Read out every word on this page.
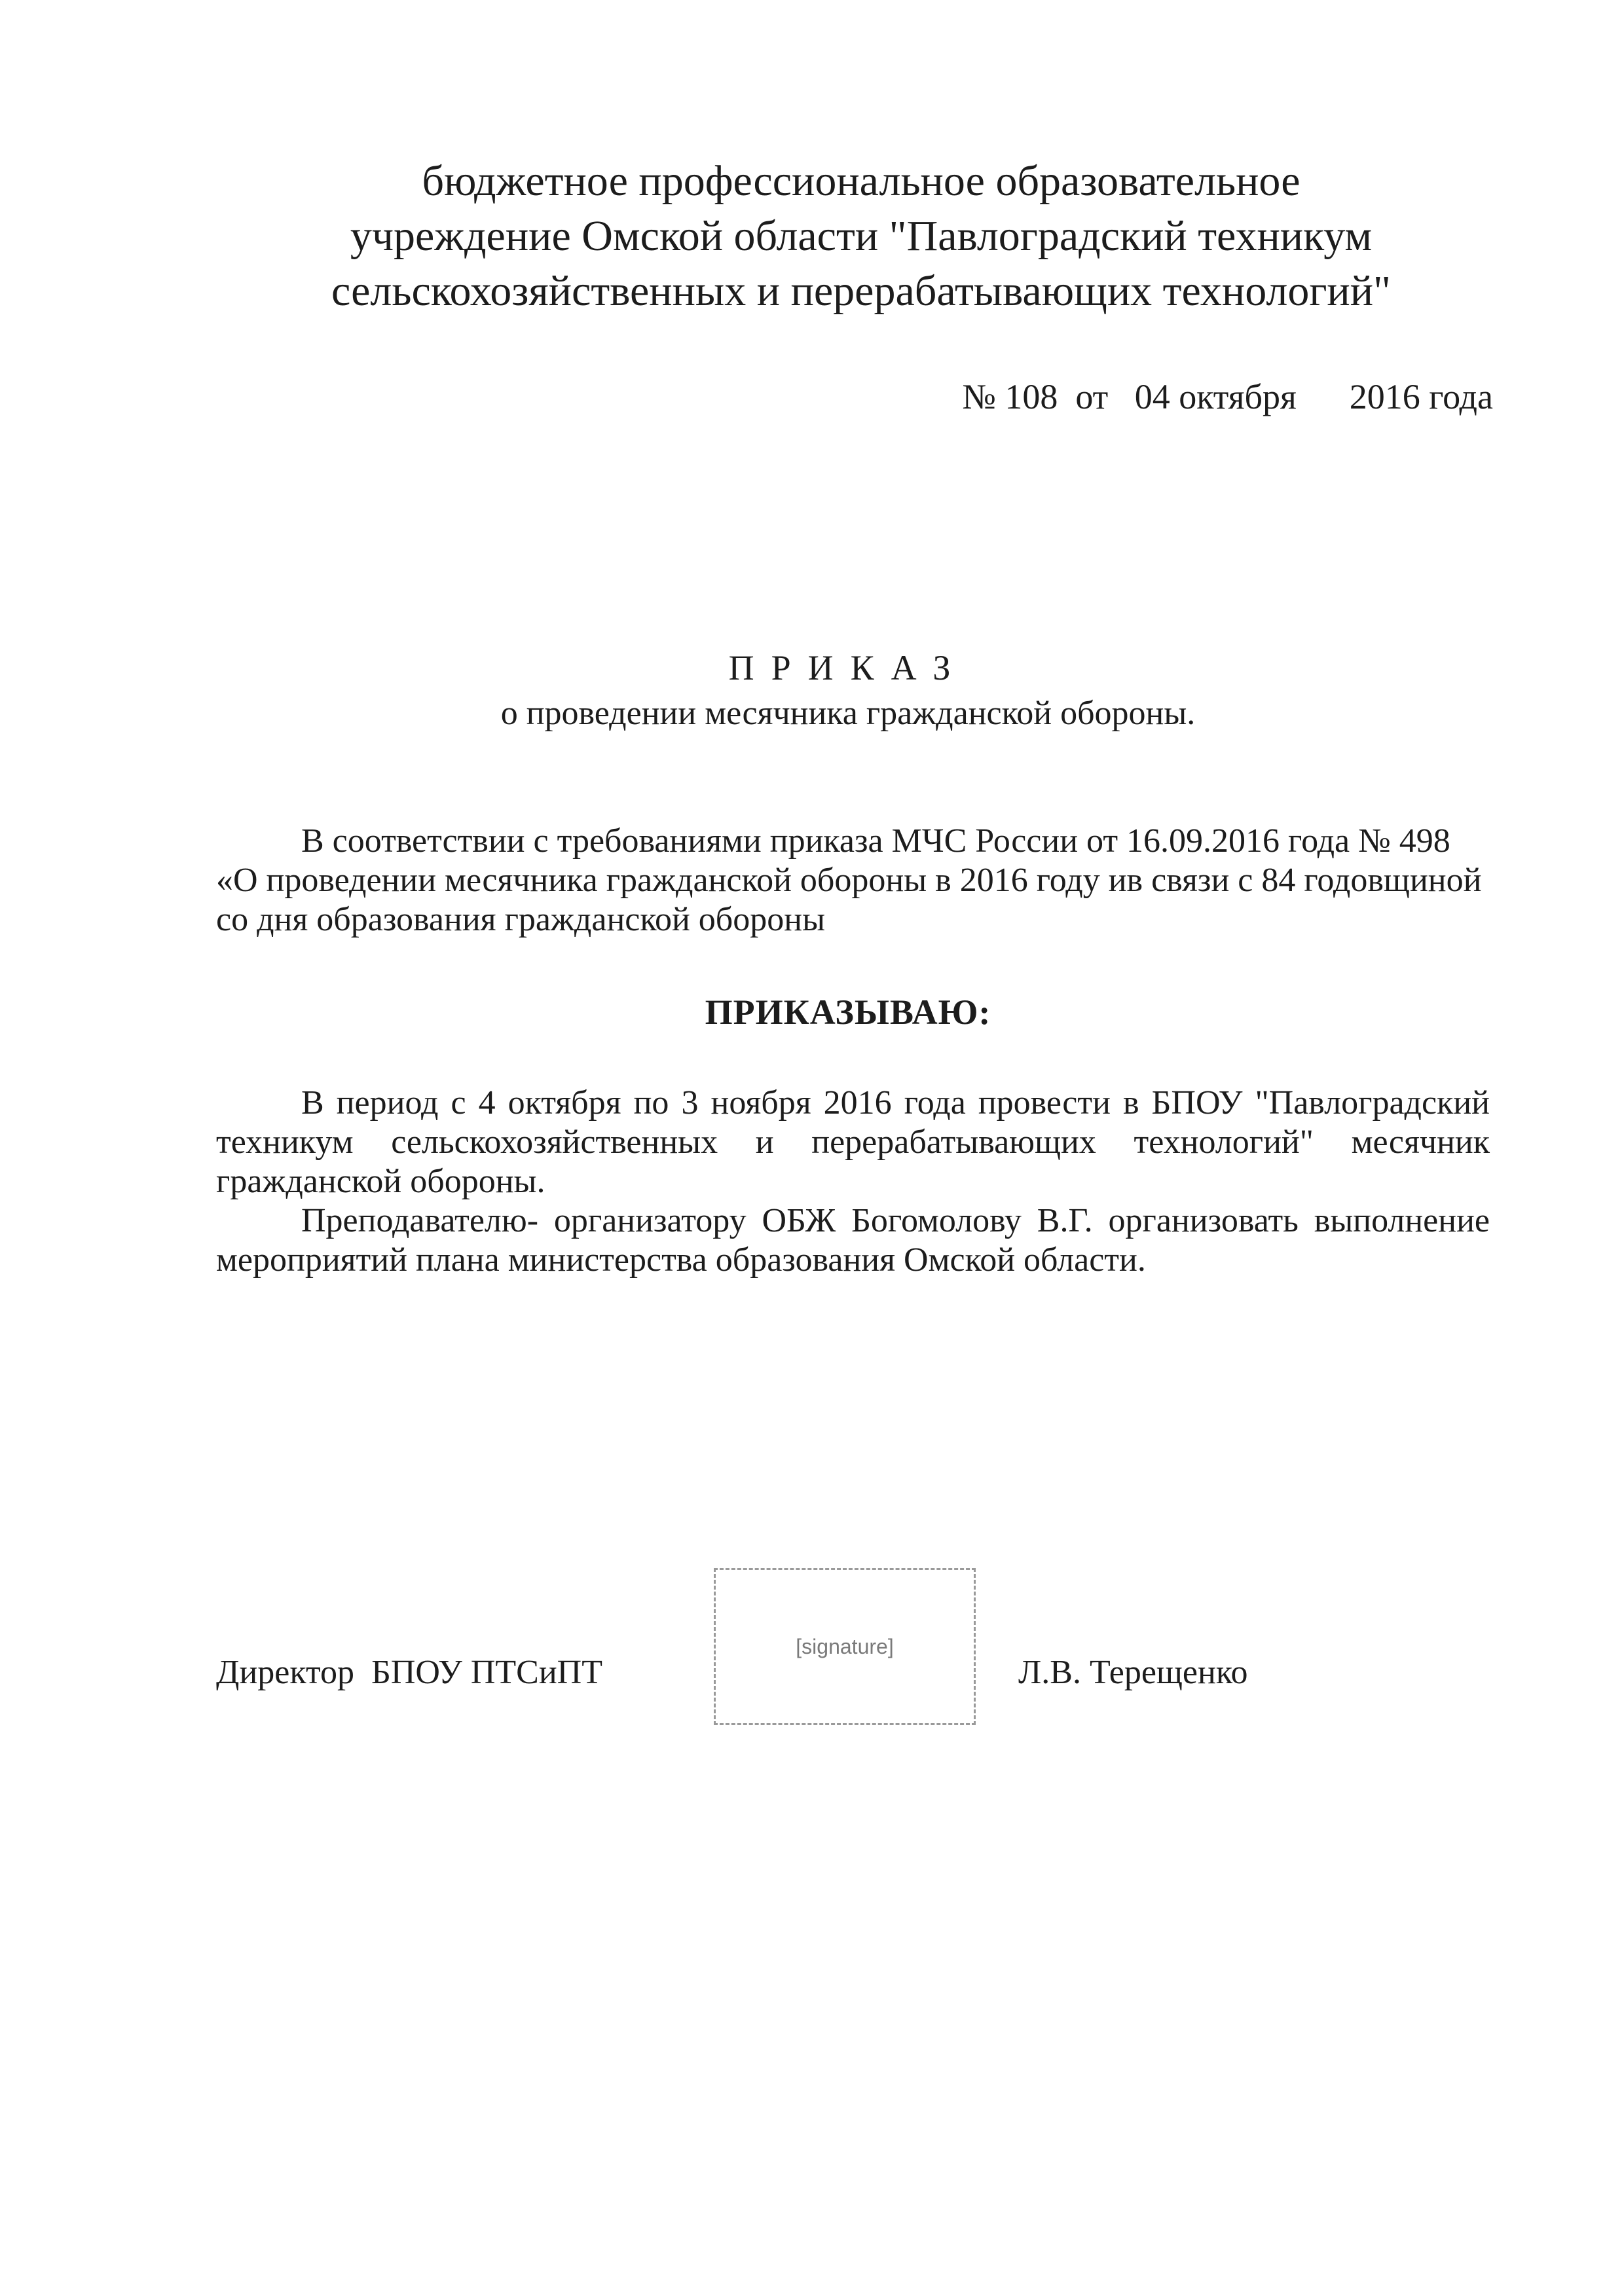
бюджетное профессиональное образовательное
учреждение Омской области "Павлоградский техникум
сельскохозяйственных и перерабатывающих технологий"
№ 108  от   04 октября      2016 года
ПРИКАЗ
о проведении месячника гражданской обороны.

В соответствии с требованиями приказа МЧС России от 16.09.2016 года № 498 «О проведении месячника гражданской обороны в 2016 году ив связи с 84 годовщиной со дня образования гражданской обороны

ПРИКАЗЫВАЮ:

В период с 4 октября по 3 ноября 2016 года провести в БПОУ "Павлоградский техникум сельскохозяйственных и перерабатывающих технологий" месячник гражданской обороны.

Преподавателю- организатору ОБЖ Богомолову В.Г. организовать выполнение мероприятий плана министерства образования Омской области.

Директор  БПОУ ПТСиПТ
[signature]
Л.В. Терещенко
